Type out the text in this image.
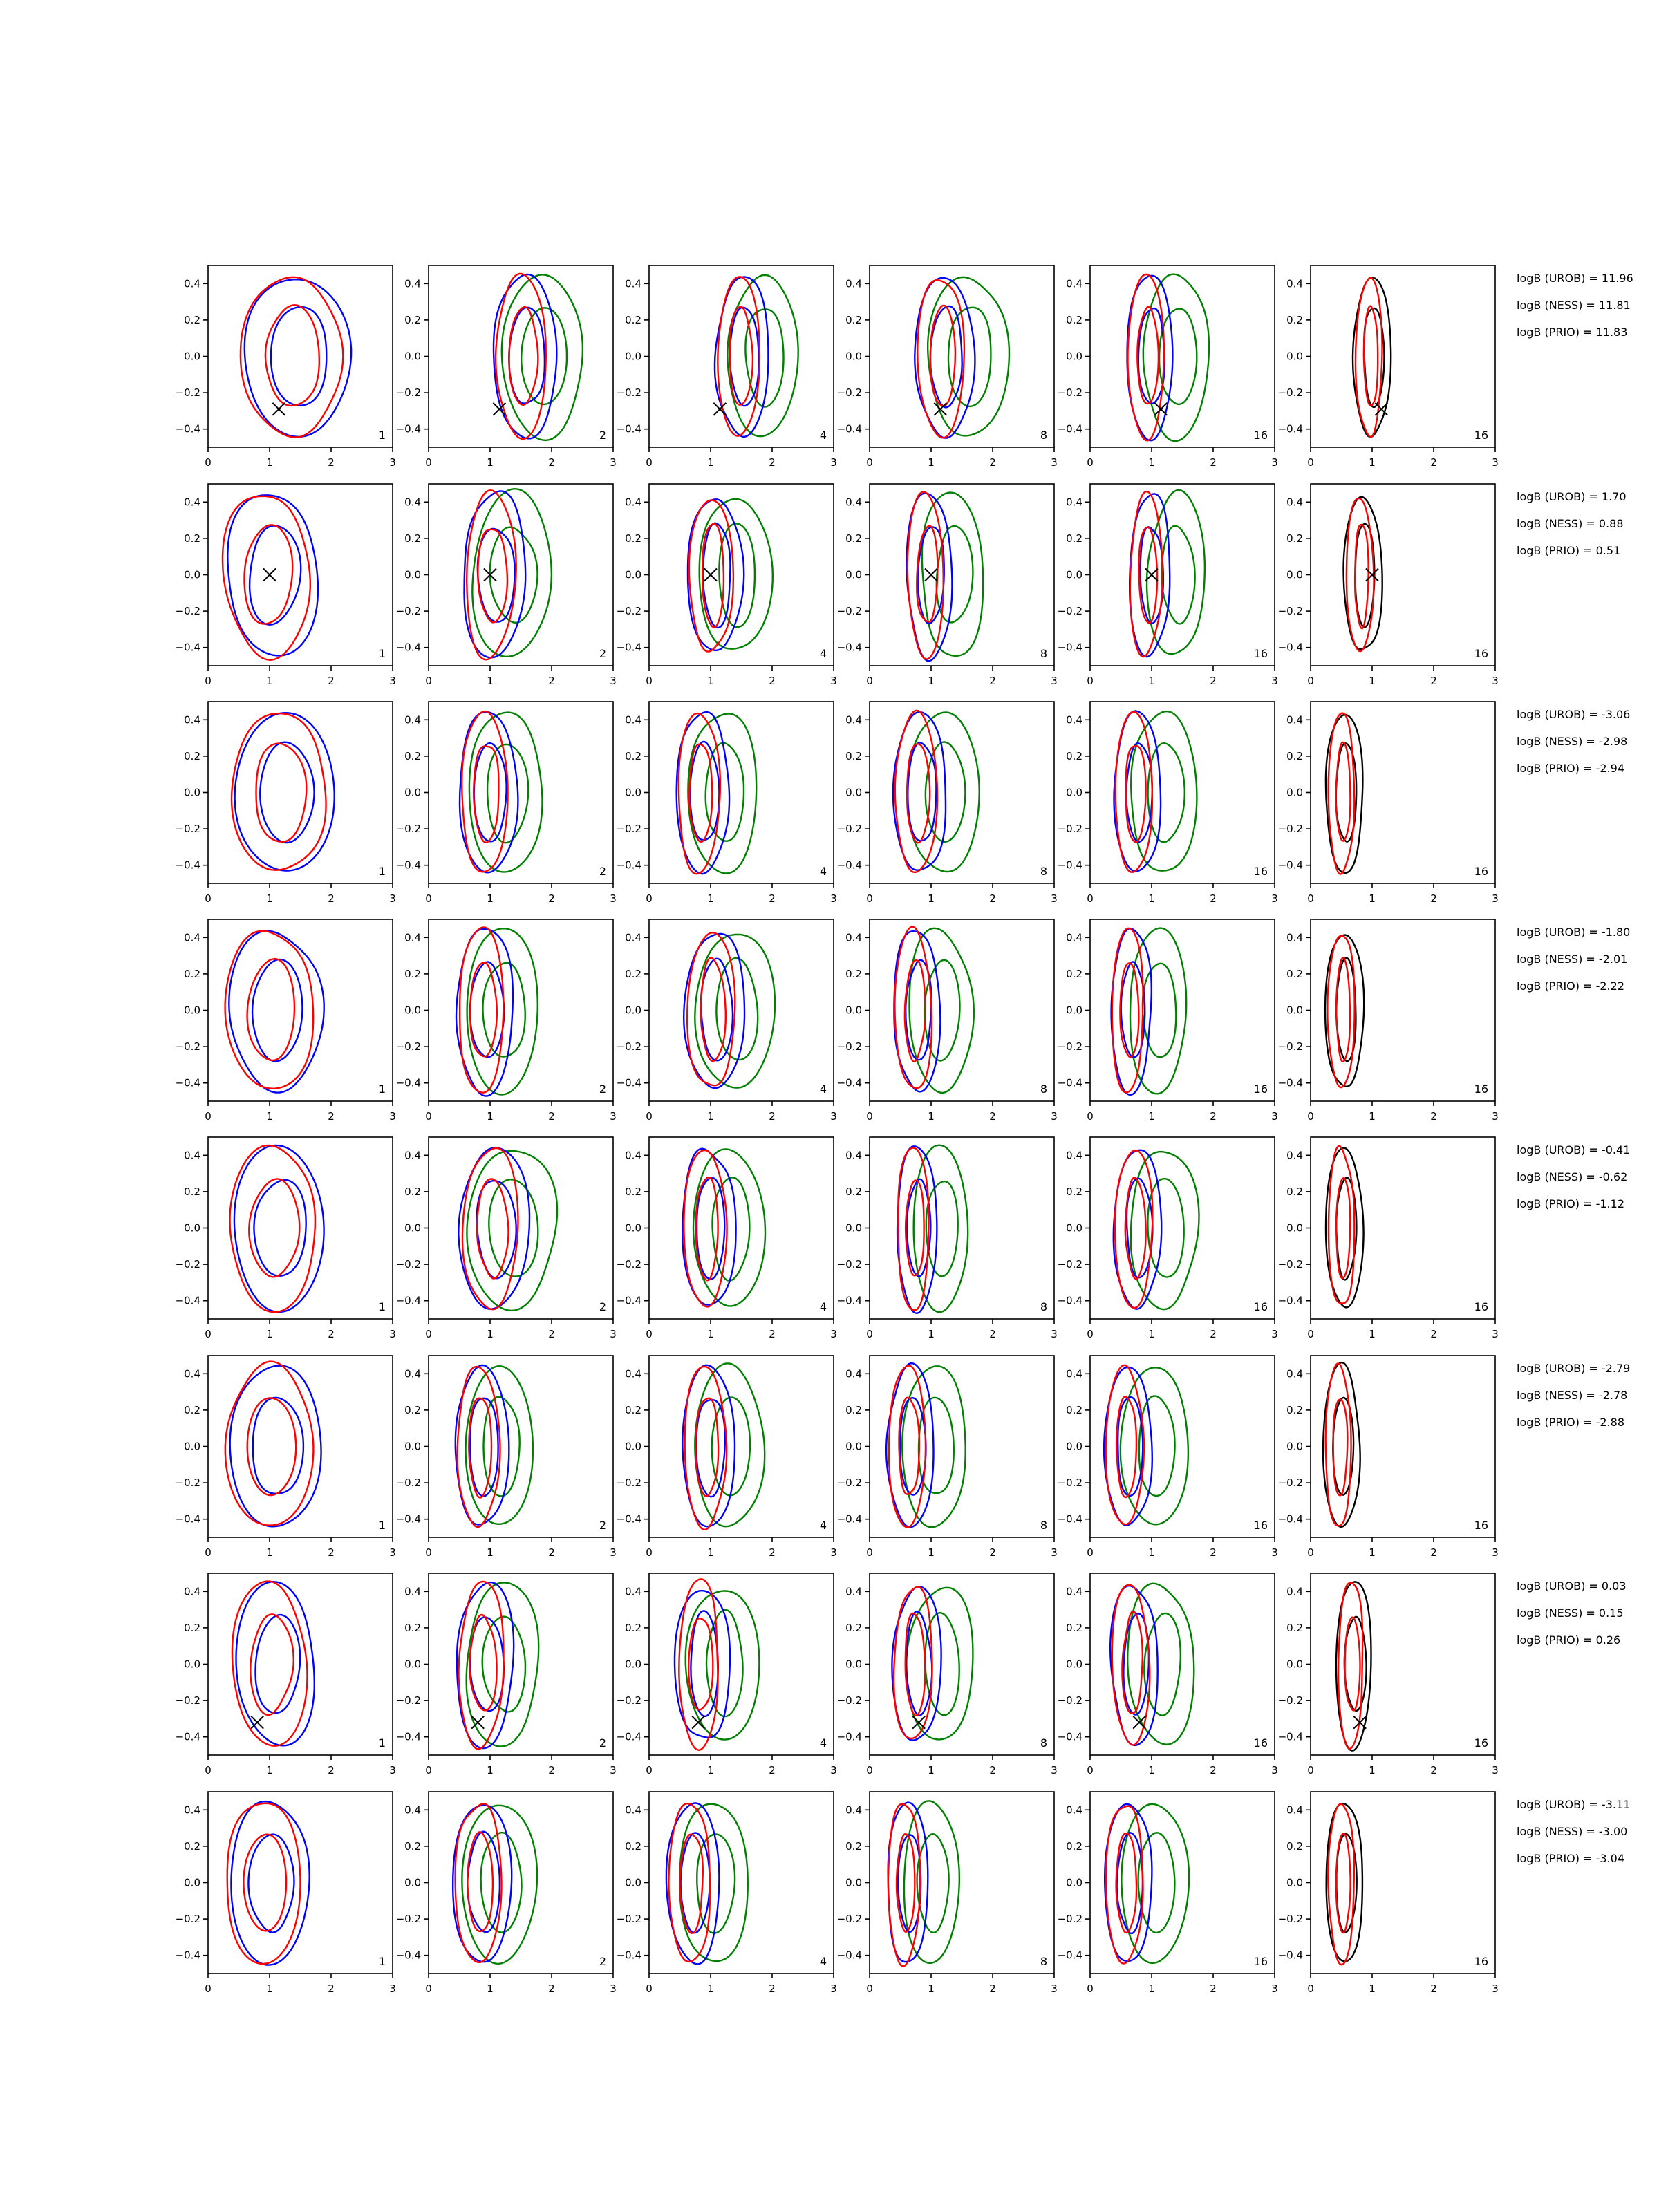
0	1	2	3
−0.4
−0.2
0.0
0.2
0.4
1
0	1	2	3
−0.4
−0.2
0.0
0.2
0.4
2
0	1	2	3
−0.4
−0.2
0.0
0.2
0.4
4
0	1	2	3
−0.4
−0.2
0.0
0.2
0.4
8
0	1	2	3
−0.4
−0.2
0.0
0.2
0.4
16
0	1	2	3
−0.4
−0.2
0.0
0.2
0.4
16
logB (UROB) = 11.96
logB (NESS) = 11.81
logB (PRIO) = 11.83
0	1	2	3
−0.4
−0.2
0.0
0.2
0.4
1
0	1	2	3
−0.4
−0.2
0.0
0.2
0.4
2
0	1	2	3
−0.4
−0.2
0.0
0.2
0.4
4
0	1	2	3
−0.4
−0.2
0.0
0.2
0.4
8
0	1	2	3
−0.4
−0.2
0.0
0.2
0.4
16
0	1	2	3
−0.4
−0.2
0.0
0.2
0.4
16
logB (UROB) = 1.70
logB (NESS) = 0.88
logB (PRIO) = 0.51
0	1	2	3
−0.4
−0.2
0.0
0.2
0.4
1
0	1	2	3
−0.4
−0.2
0.0
0.2
0.4
2
0	1	2	3
−0.4
−0.2
0.0
0.2
0.4
4
0	1	2	3
−0.4
−0.2
0.0
0.2
0.4
8
0	1	2	3
−0.4
−0.2
0.0
0.2
0.4
16
0	1	2	3
−0.4
−0.2
0.0
0.2
0.4
16
logB (UROB) = -3.06
logB (NESS) = -2.98
logB (PRIO) = -2.94
0	1	2	3
−0.4
−0.2
0.0
0.2
0.4
1
0	1	2	3
−0.4
−0.2
0.0
0.2
0.4
2
0	1	2	3
−0.4
−0.2
0.0
0.2
0.4
4
0	1	2	3
−0.4
−0.2
0.0
0.2
0.4
8
0	1	2	3
−0.4
−0.2
0.0
0.2
0.4
16
0	1	2	3
−0.4
−0.2
0.0
0.2
0.4
16
logB (UROB) = -1.80
logB (NESS) = -2.01
logB (PRIO) = -2.22
0	1	2	3
−0.4
−0.2
0.0
0.2
0.4
1
0	1	2	3
−0.4
−0.2
0.0
0.2
0.4
2
0	1	2	3
−0.4
−0.2
0.0
0.2
0.4
4
0	1	2	3
−0.4
−0.2
0.0
0.2
0.4
8
0	1	2	3
−0.4
−0.2
0.0
0.2
0.4
16
0	1	2	3
−0.4
−0.2
0.0
0.2
0.4
16
logB (UROB) = -0.41
logB (NESS) = -0.62
logB (PRIO) = -1.12
0	1	2	3
−0.4
−0.2
0.0
0.2
0.4
1
0	1	2	3
−0.4
−0.2
0.0
0.2
0.4
2
0	1	2	3
−0.4
−0.2
0.0
0.2
0.4
4
0	1	2	3
−0.4
−0.2
0.0
0.2
0.4
8
0	1	2	3
−0.4
−0.2
0.0
0.2
0.4
16
0	1	2	3
−0.4
−0.2
0.0
0.2
0.4
16
logB (UROB) = -2.79
logB (NESS) = -2.78
logB (PRIO) = -2.88
0	1	2	3
−0.4
−0.2
0.0
0.2
0.4
1
0	1	2	3
−0.4
−0.2
0.0
0.2
0.4
2
0	1	2	3
−0.4
−0.2
0.0
0.2
0.4
4
0	1	2	3
−0.4
−0.2
0.0
0.2
0.4
8
0	1	2	3
−0.4
−0.2
0.0
0.2
0.4
16
0	1	2	3
−0.4
−0.2
0.0
0.2
0.4
16
logB (UROB) = 0.03
logB (NESS) = 0.15
logB (PRIO) = 0.26
0	1	2	3
−0.4
−0.2
0.0
0.2
0.4
1
0	1	2	3
−0.4
−0.2
0.0
0.2
0.4
2
0	1	2	3
−0.4
−0.2
0.0
0.2
0.4
4
0	1	2	3
−0.4
−0.2
0.0
0.2
0.4
8
0	1	2	3
−0.4
−0.2
0.0
0.2
0.4
16
0	1	2	3
−0.4
−0.2
0.0
0.2
0.4
16
logB (UROB) = -3.11
logB (NESS) = -3.00
logB (PRIO) = -3.04
